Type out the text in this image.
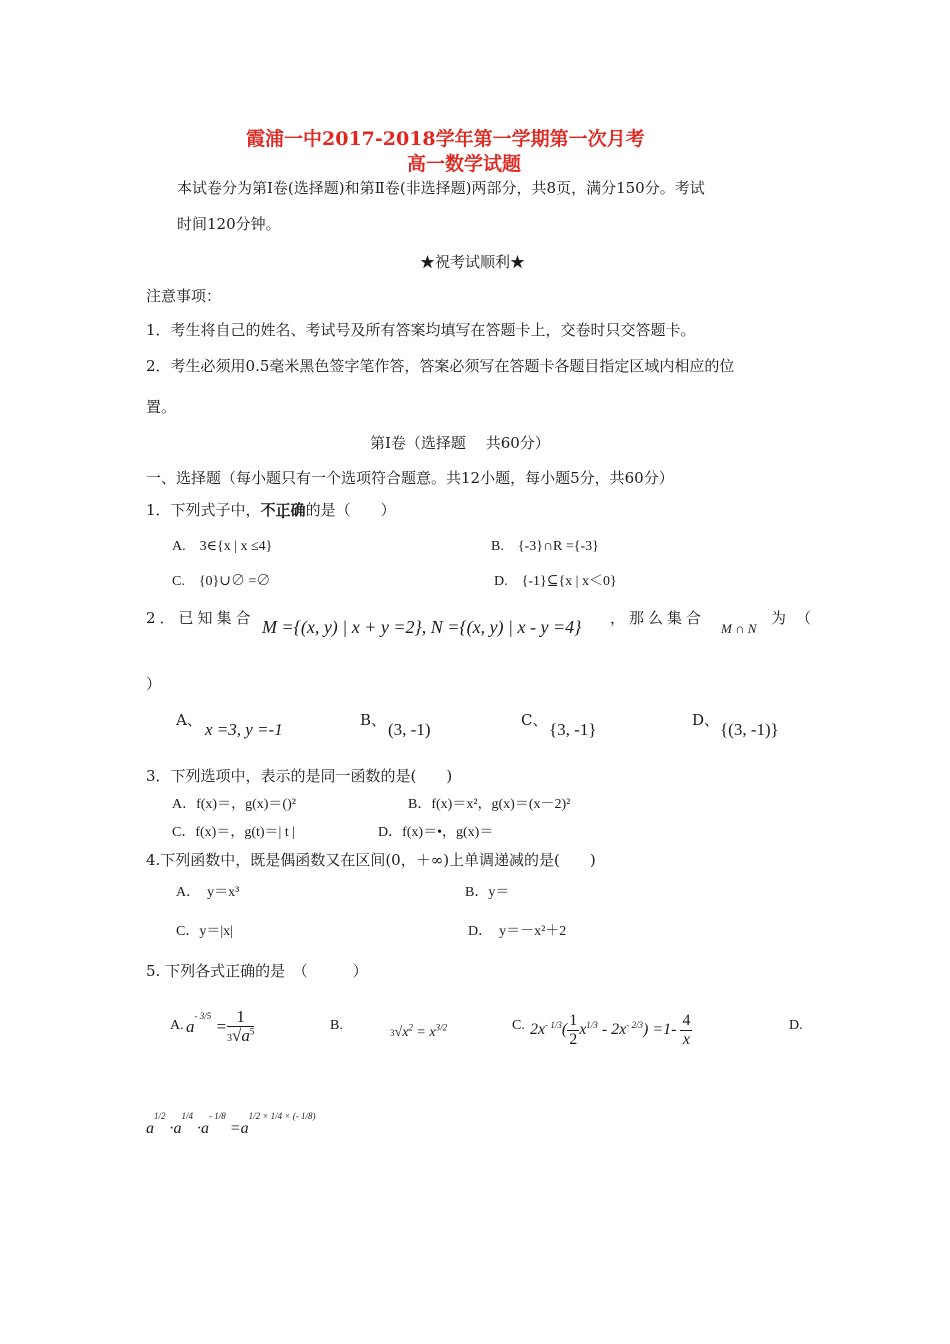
霞浦一中2017-2018学年第一学期第一次月考
高一数学试题
本试卷分为第Ⅰ卷(选择题)和第Ⅱ卷(非选择题)两部分，共8页，满分150分。考试
时间120分钟。
★祝考试顺利★
注意事项：
1．考生将自己的姓名、考试号及所有答案均填写在答题卡上，交卷时只交答题卡。
2．考生必须用0.5毫米黑色签字笔作答，答案必须写在答题卡各题目指定区域内相应的位
置。
第Ⅰ卷（选择题　 共60分）
一、选择题（每小题只有一个选项符合题意。共12小题，每小题5分，共60分）
1．下列式子中，不正确的是（　　）
A.　3∈{x | x ≤4}	B.　{-3}∩R ={-3}
C.　{0}∪∅ =∅	D.　{-1}⊆{x | x＜0}
2．已知集合 M ={(x, y) | x + y =2}, N ={(x, y) | x - y =4} ，那么集合
M ∩ N
为（
）
A、 x =3, y =-1	B、 (3, -1)	C、 {3, -1}	D、 {(3, -1)}
3．下列选项中，表示的是同一函数的是(　　)
A．f(x)＝，g(x)＝()²	B．f(x)＝x²，g(x)＝(x－2)²
C．f(x)＝，g(t)＝| t |	D．f(x)＝•，g(x)＝
4.下列函数中，既是偶函数又在区间(0，＋∞)上单调递减的是(　　)
A．　y＝x³	B．y＝
C．y＝|x|	D．　y＝－x²＋2
5. 下列各式正确的是　（　　　）
A. $a^{- 3/5} = \frac{1}{3√a^5}$	B.	$3√x^2 = x^{3/2}$	C. $2x^{- 1/3}( \frac{1}{2} x^{1/3} - 2x^{- 2/3}) =1- \frac{4}{x}$	D.
$a^{1/2} \cdot a^{1/4} \cdot a^{- 1/8} =a^{1/2 \times 1/4 \times (- 1/8)}$
